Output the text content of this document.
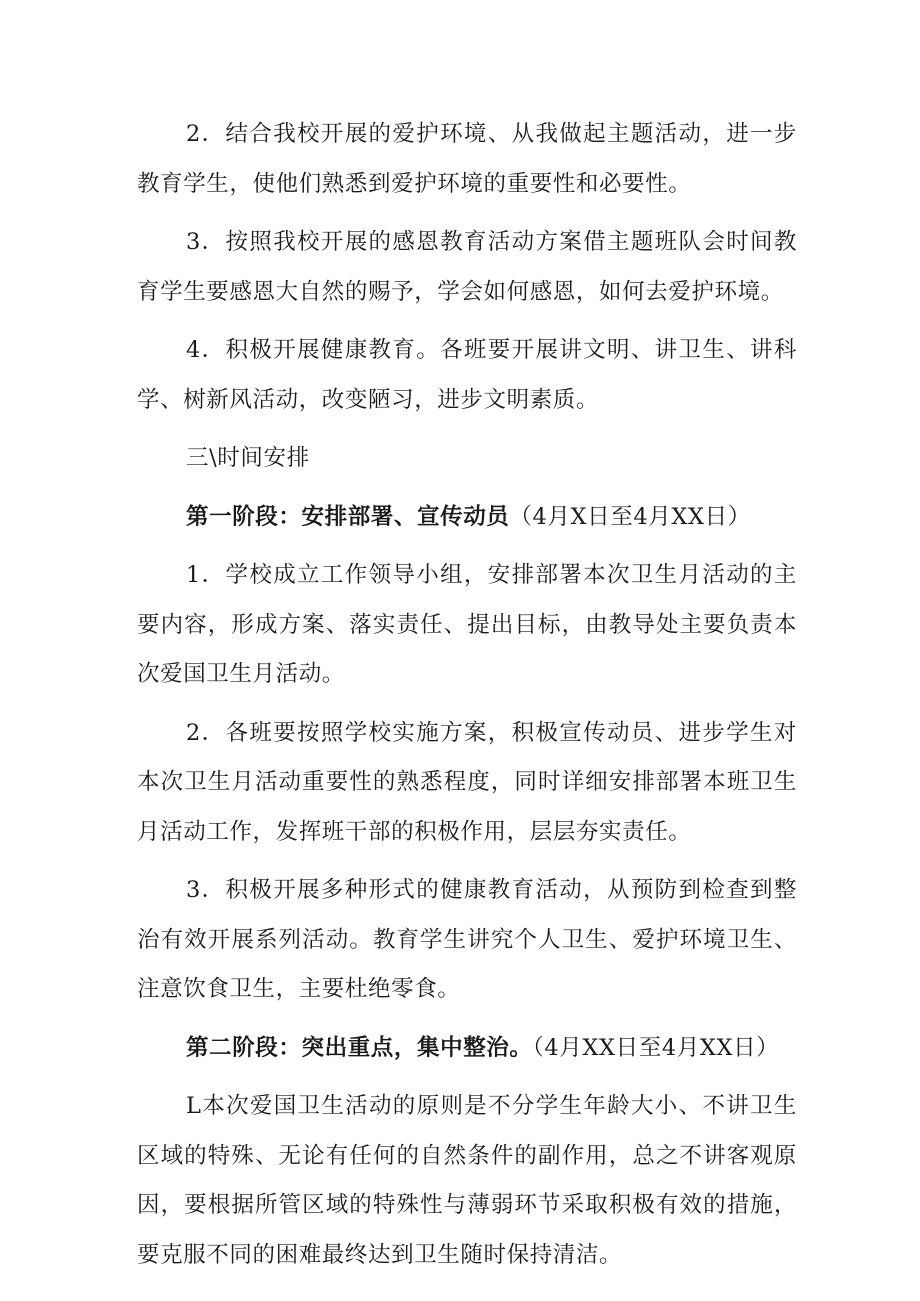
2．结合我校开展的爱护环境、从我做起主题活动，进一步教育学生，使他们熟悉到爱护环境的重要性和必要性。

3．按照我校开展的感恩教育活动方案借主题班队会时间教育学生要感恩大自然的赐予，学会如何感恩，如何去爱护环境。

4．积极开展健康教育。各班要开展讲文明、讲卫生、讲科学、树新风活动，改变陋习，进步文明素质。

三\时间安排

第一阶段：安排部署、宣传动员（4月X日至4月XX日）

1．学校成立工作领导小组，安排部署本次卫生月活动的主要内容，形成方案、落实责任、提出目标，由教导处主要负责本次爱国卫生月活动。

2．各班要按照学校实施方案，积极宣传动员、进步学生对本次卫生月活动重要性的熟悉程度，同时详细安排部署本班卫生月活动工作，发挥班干部的积极作用，层层夯实责任。

3．积极开展多种形式的健康教育活动，从预防到检查到整治有效开展系列活动。教育学生讲究个人卫生、爱护环境卫生、注意饮食卫生，主要杜绝零食。

第二阶段：突出重点，集中整治。（4月XX日至4月XX日）

L本次爱国卫生活动的原则是不分学生年龄大小、不讲卫生区域的特殊、无论有任何的自然条件的副作用，总之不讲客观原因，要根据所管区域的特殊性与薄弱环节采取积极有效的措施，要克服不同的困难最终达到卫生随时保持清洁。
